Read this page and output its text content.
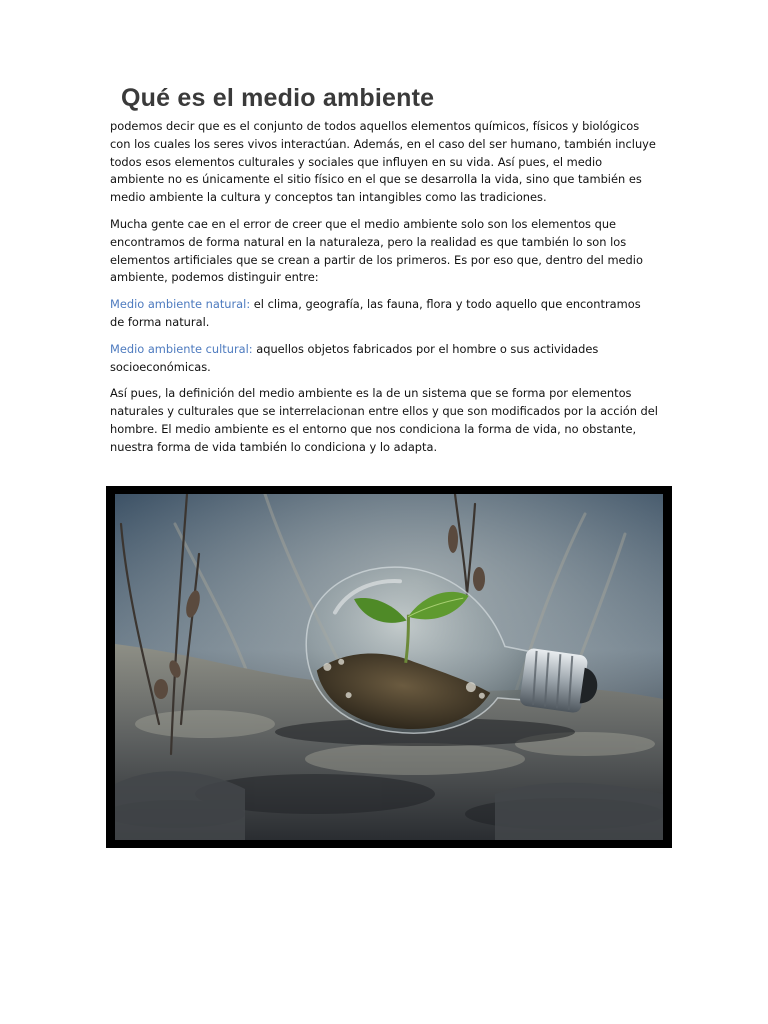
Qué es el medio ambiente

podemos decir que es el conjunto de todos aquellos elementos químicos, físicos y biológicos con los cuales los seres vivos interactúan. Además, en el caso del ser humano, también incluye todos esos elementos culturales y sociales que influyen en su vida. Así pues, el medio ambiente no es únicamente el sitio físico en el que se desarrolla la vida, sino que también es medio ambiente la cultura y conceptos tan intangibles como las tradiciones.

Mucha gente cae en el error de creer que el medio ambiente solo son los elementos que encontramos de forma natural en la naturaleza, pero la realidad es que también lo son los elementos artificiales que se crean a partir de los primeros. Es por eso que, dentro del medio ambiente, podemos distinguir entre:

Medio ambiente natural: el clima, geografía, las fauna, flora y todo aquello que encontramos de forma natural.

Medio ambiente cultural: aquellos objetos fabricados por el hombre o sus actividades socioeconómicas.

Así pues, la definición del medio ambiente es la de un sistema que se forma por elementos naturales y culturales que se interrelacionan entre ellos y que son modificados por la acción del hombre. El medio ambiente es el entorno que nos condiciona la forma de vida, no obstante, nuestra forma de vida también lo condiciona y lo adapta.
